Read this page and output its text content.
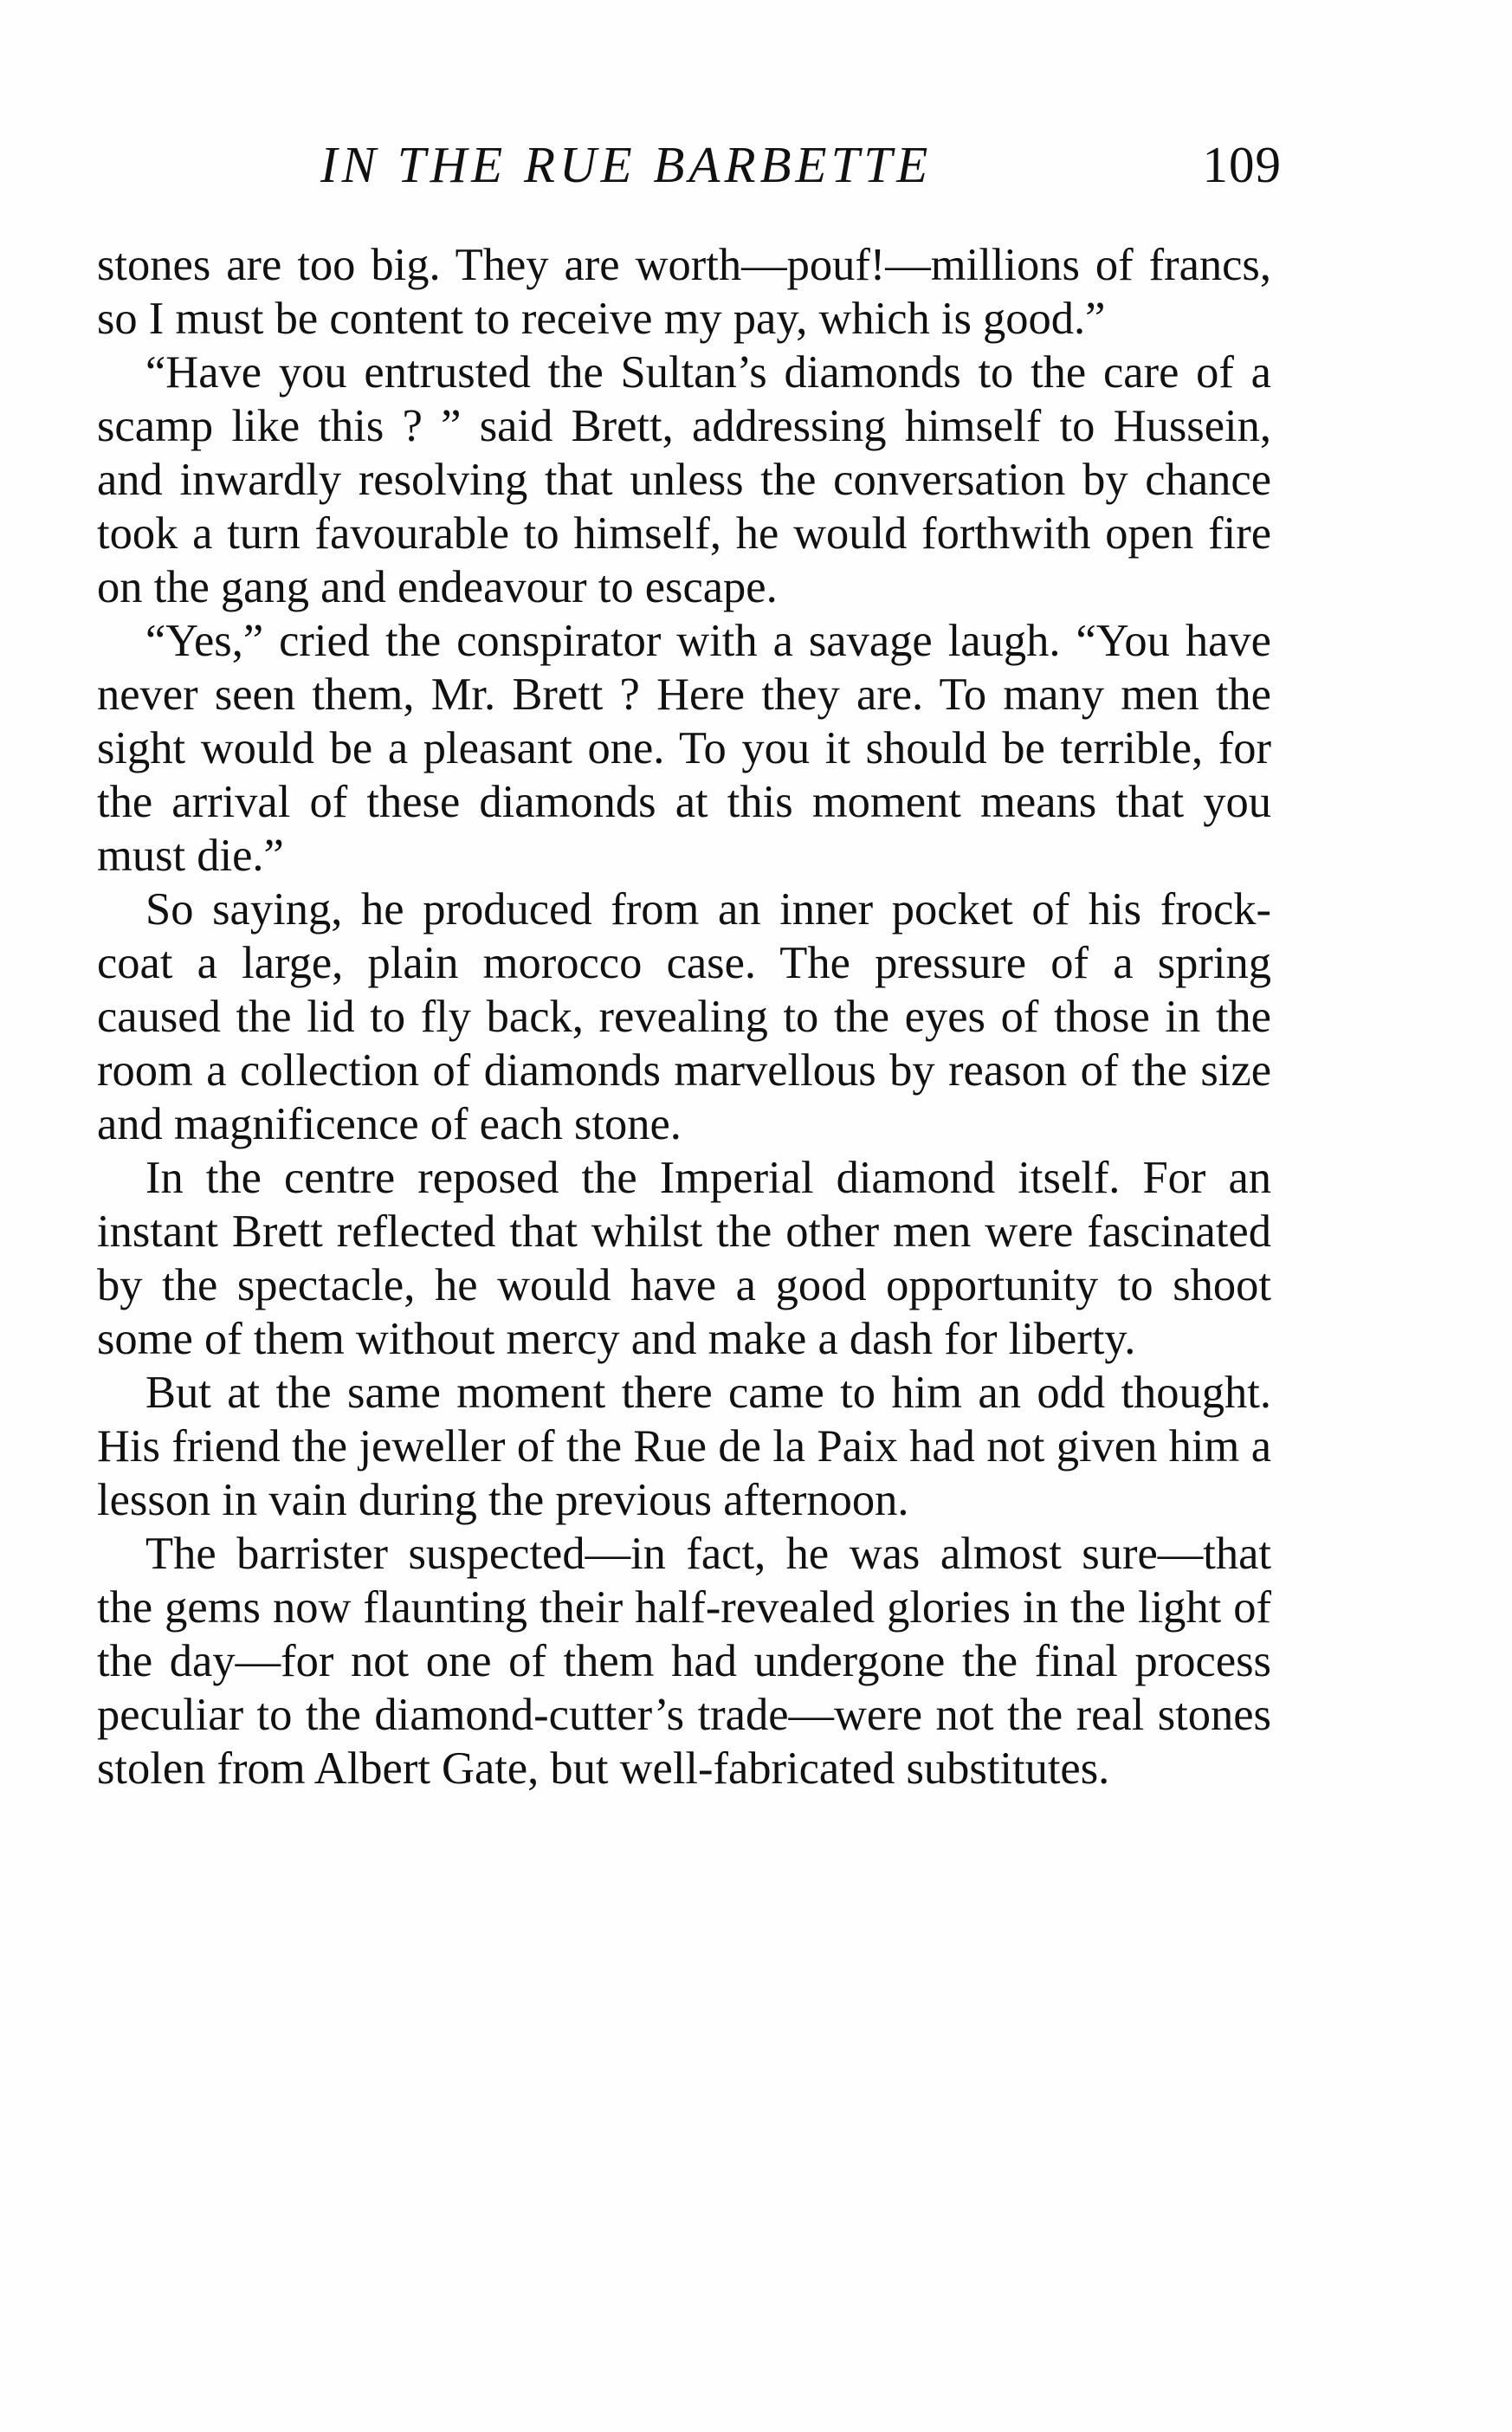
IN THE RUE BARBETTE	109

stones are too big. They are worth—pouf!—millions of francs, so I must be content to receive my pay, which is good.”

“Have you entrusted the Sultan’s diamonds to the care of a scamp like this ? ” said Brett, addressing himself to Hussein, and inwardly resolving that unless the conversation by chance took a turn favourable to himself, he would forthwith open fire on the gang and endeavour to escape.

“Yes,” cried the conspirator with a savage laugh. “You have never seen them, Mr. Brett ? Here they are. To many men the sight would be a pleasant one. To you it should be terrible, for the arrival of these diamonds at this moment means that you must die.”

So saying, he produced from an inner pocket of his frock-coat a large, plain morocco case. The pressure of a spring caused the lid to fly back, revealing to the eyes of those in the room a collection of diamonds marvellous by reason of the size and magnificence of each stone.

In the centre reposed the Imperial diamond itself. For an instant Brett reflected that whilst the other men were fascinated by the spectacle, he would have a good opportunity to shoot some of them without mercy and make a dash for liberty.

But at the same moment there came to him an odd thought. His friend the jeweller of the Rue de la Paix had not given him a lesson in vain during the previous afternoon.

The barrister suspected—in fact, he was almost sure—that the gems now flaunting their half-revealed glories in the light of the day—for not one of them had undergone the final process peculiar to the diamond-cutter’s trade—were not the real stones stolen from Albert Gate, but well-fabricated substitutes.
